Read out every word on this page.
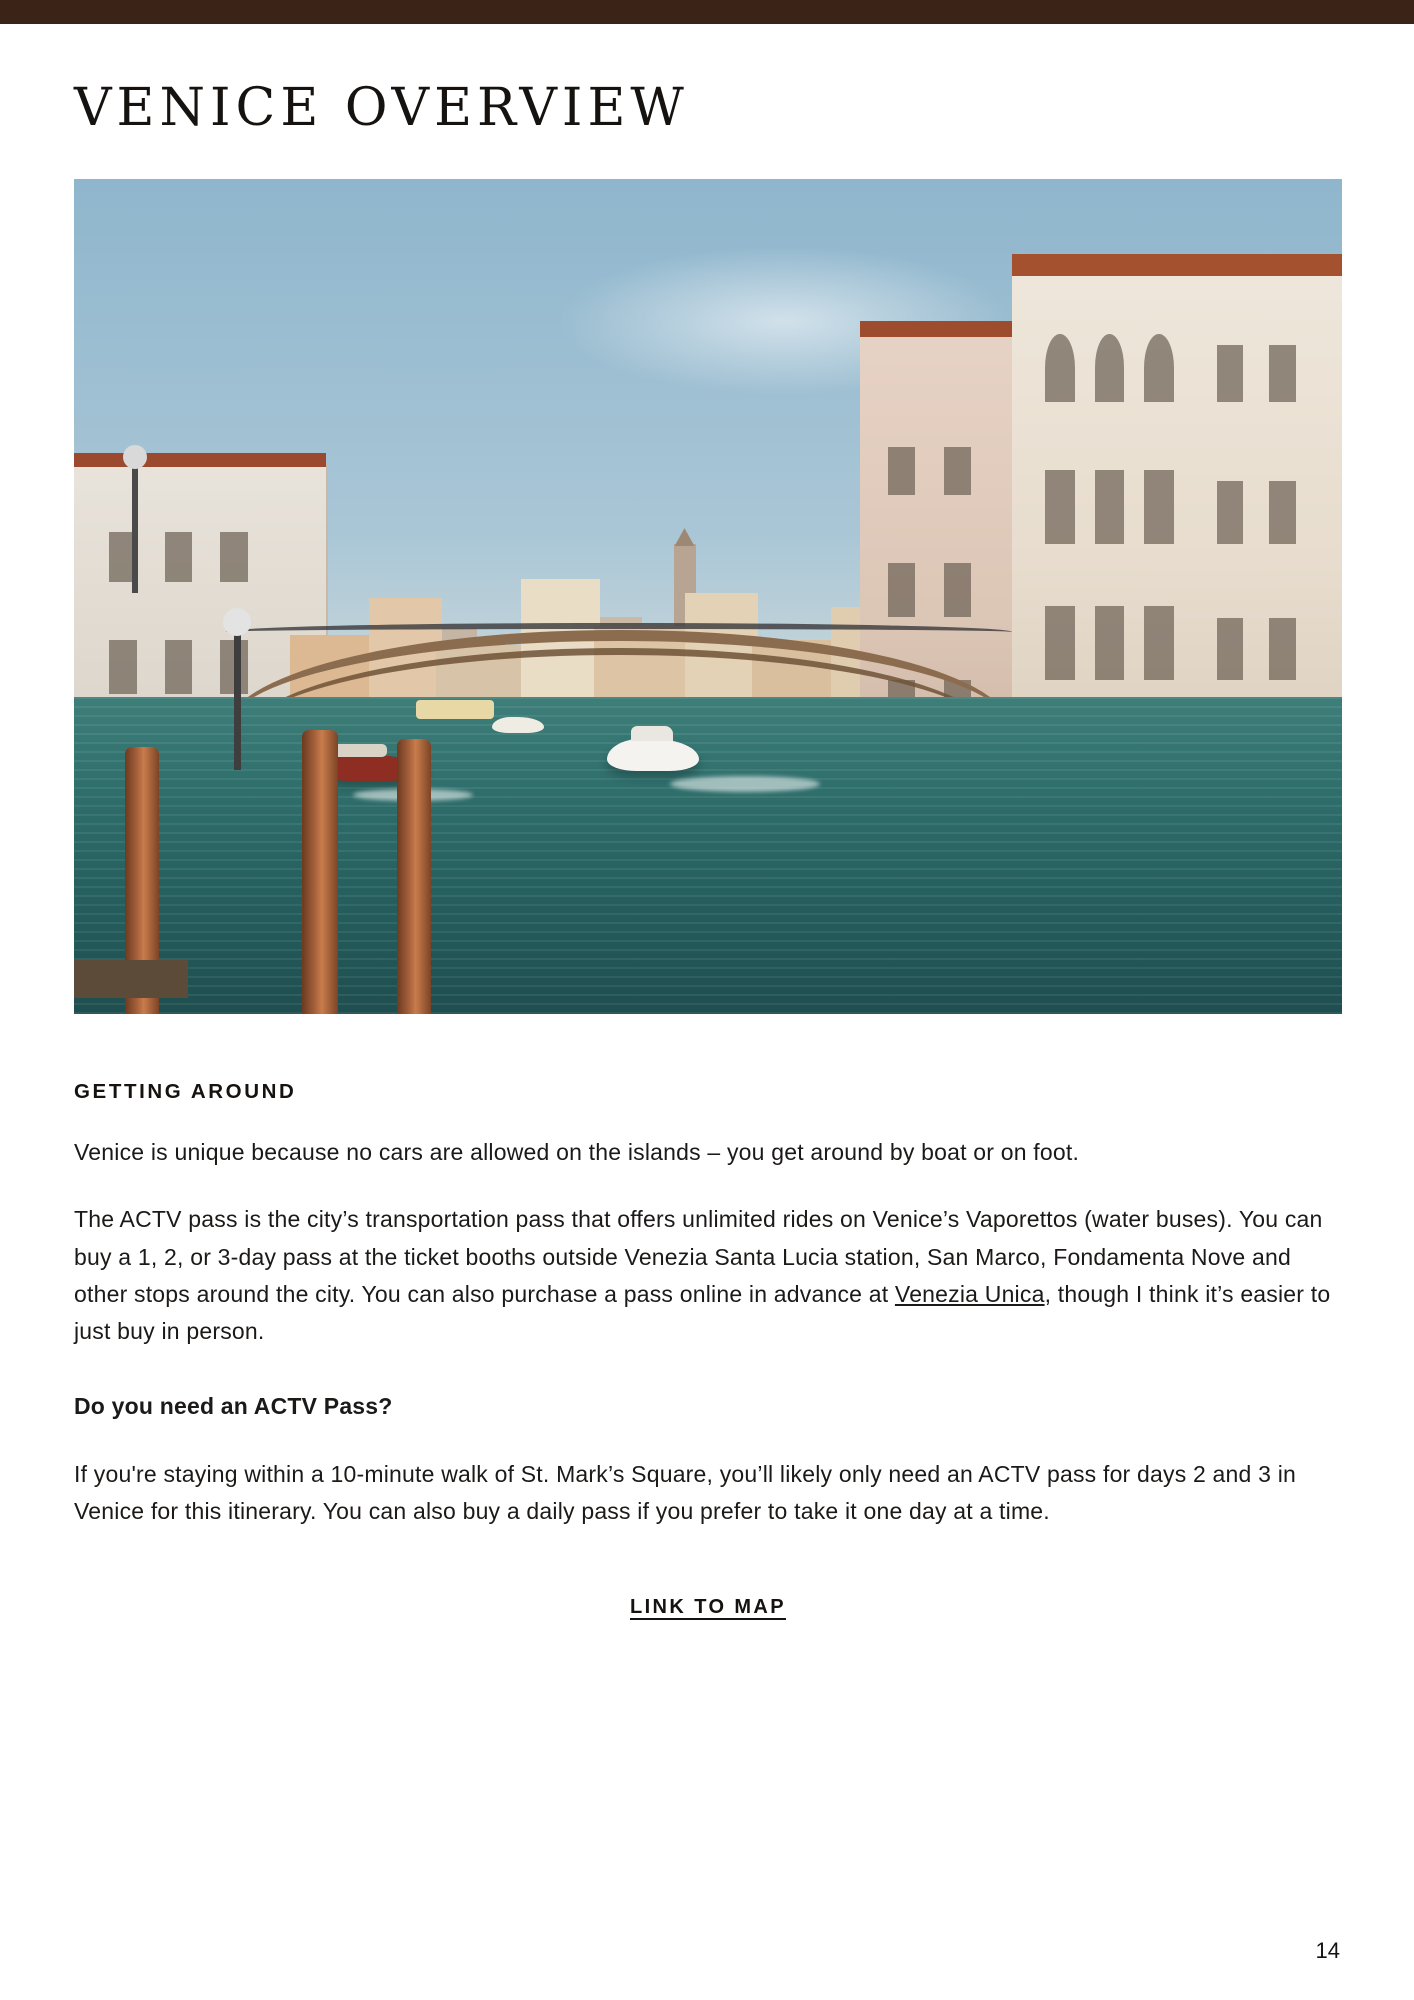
VENICE OVERVIEW
GETTING AROUND

Venice is unique because no cars are allowed on the islands – you get around by boat or on foot.

The ACTV pass is the city’s transportation pass that offers unlimited rides on Venice’s Vaporettos (water buses). You can buy a 1, 2, or 3-day pass at the ticket booths outside Venezia Santa Lucia station, San Marco, Fondamenta Nove and other stops around the city. You can also purchase a pass online in advance at Venezia Unica, though I think it’s easier to just buy in person.

Do you need an ACTV Pass?

If you're staying within a 10-minute walk of St. Mark’s Square, you’ll likely only need an ACTV pass for days 2 and 3 in Venice for this itinerary. You can also buy a daily pass if you prefer to take it one day at a time.

LINK TO MAP
14
